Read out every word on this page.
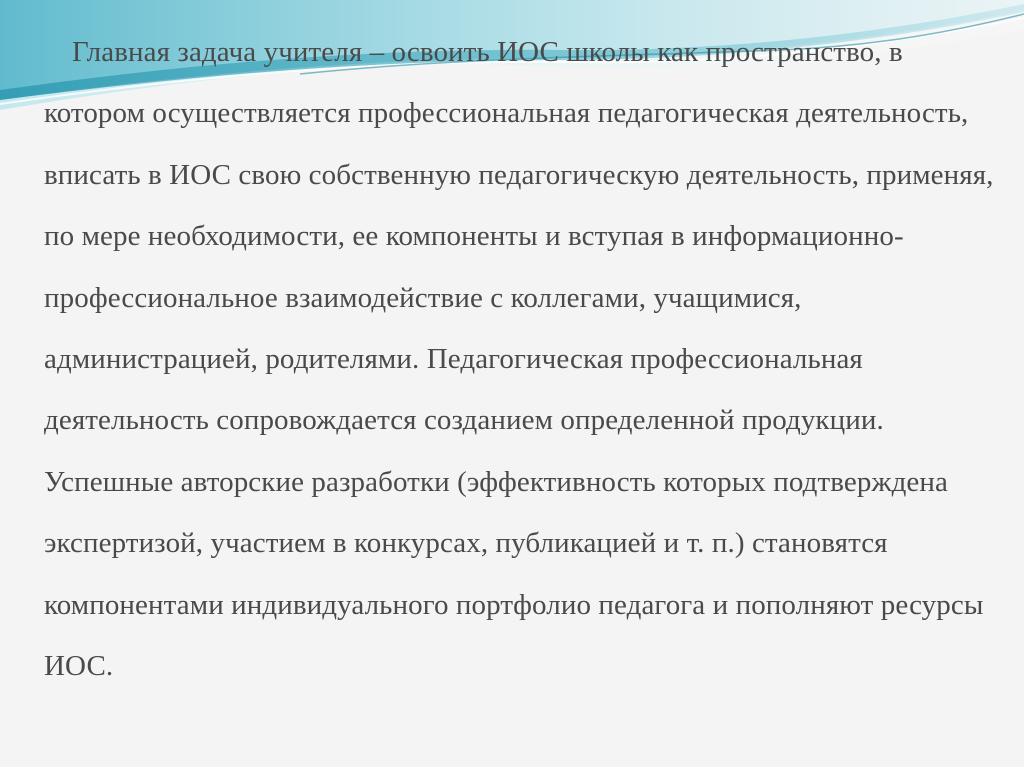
Главная задача учителя – освоить ИОС школы как пространство, в котором осуществляется профессиональная педагогическая деятельность, вписать в ИОС свою собственную педагогическую деятельность, применяя, по мере необходимости, ее компоненты и вступая в информационно-профессиональное взаимодействие с коллегами, учащимися, администрацией, родителями. Педагогическая профессиональная деятельность сопровождается созданием определенной продукции. Успешные авторские разработки (эффективность которых подтверждена экспертизой, участием в конкурсах, публикацией и т. п.) становятся компонентами индивидуального портфолио педагога и пополняют ресурсы ИОС.
